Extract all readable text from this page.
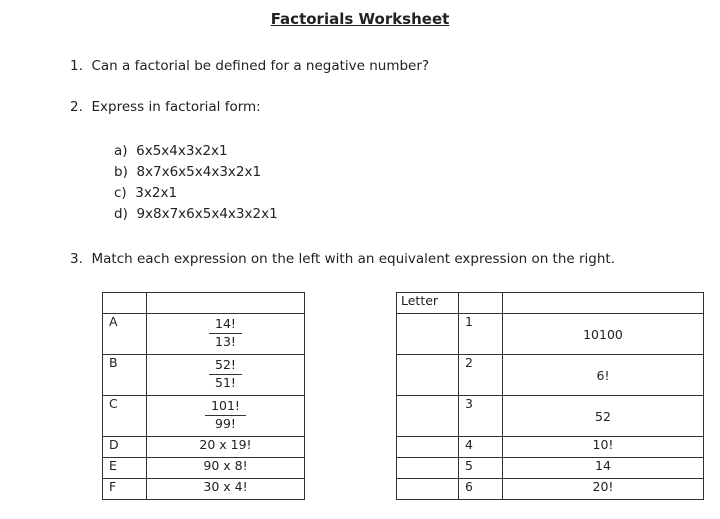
Factorials Worksheet
1. Can a factorial be defined for a negative number?
2. Express in factorial form:
a) 6x5x4x3x2x1
b) 8x7x6x5x4x3x2x1
c) 3x2x1
d) 9x8x7x6x5x4x3x2x1
3. Match each expression on the left with an equivalent expression on the right.

A	$\frac{14!}{13!}$

B	$\frac{52!}{51!}$

C	$\frac{101!}{99!}$

D	20 x 19!
E	90 x 8!
F	30 x 4!
Letter		
	1	10100
	2	6!
	3	52
	4	10!
	5	14
	6	20!
